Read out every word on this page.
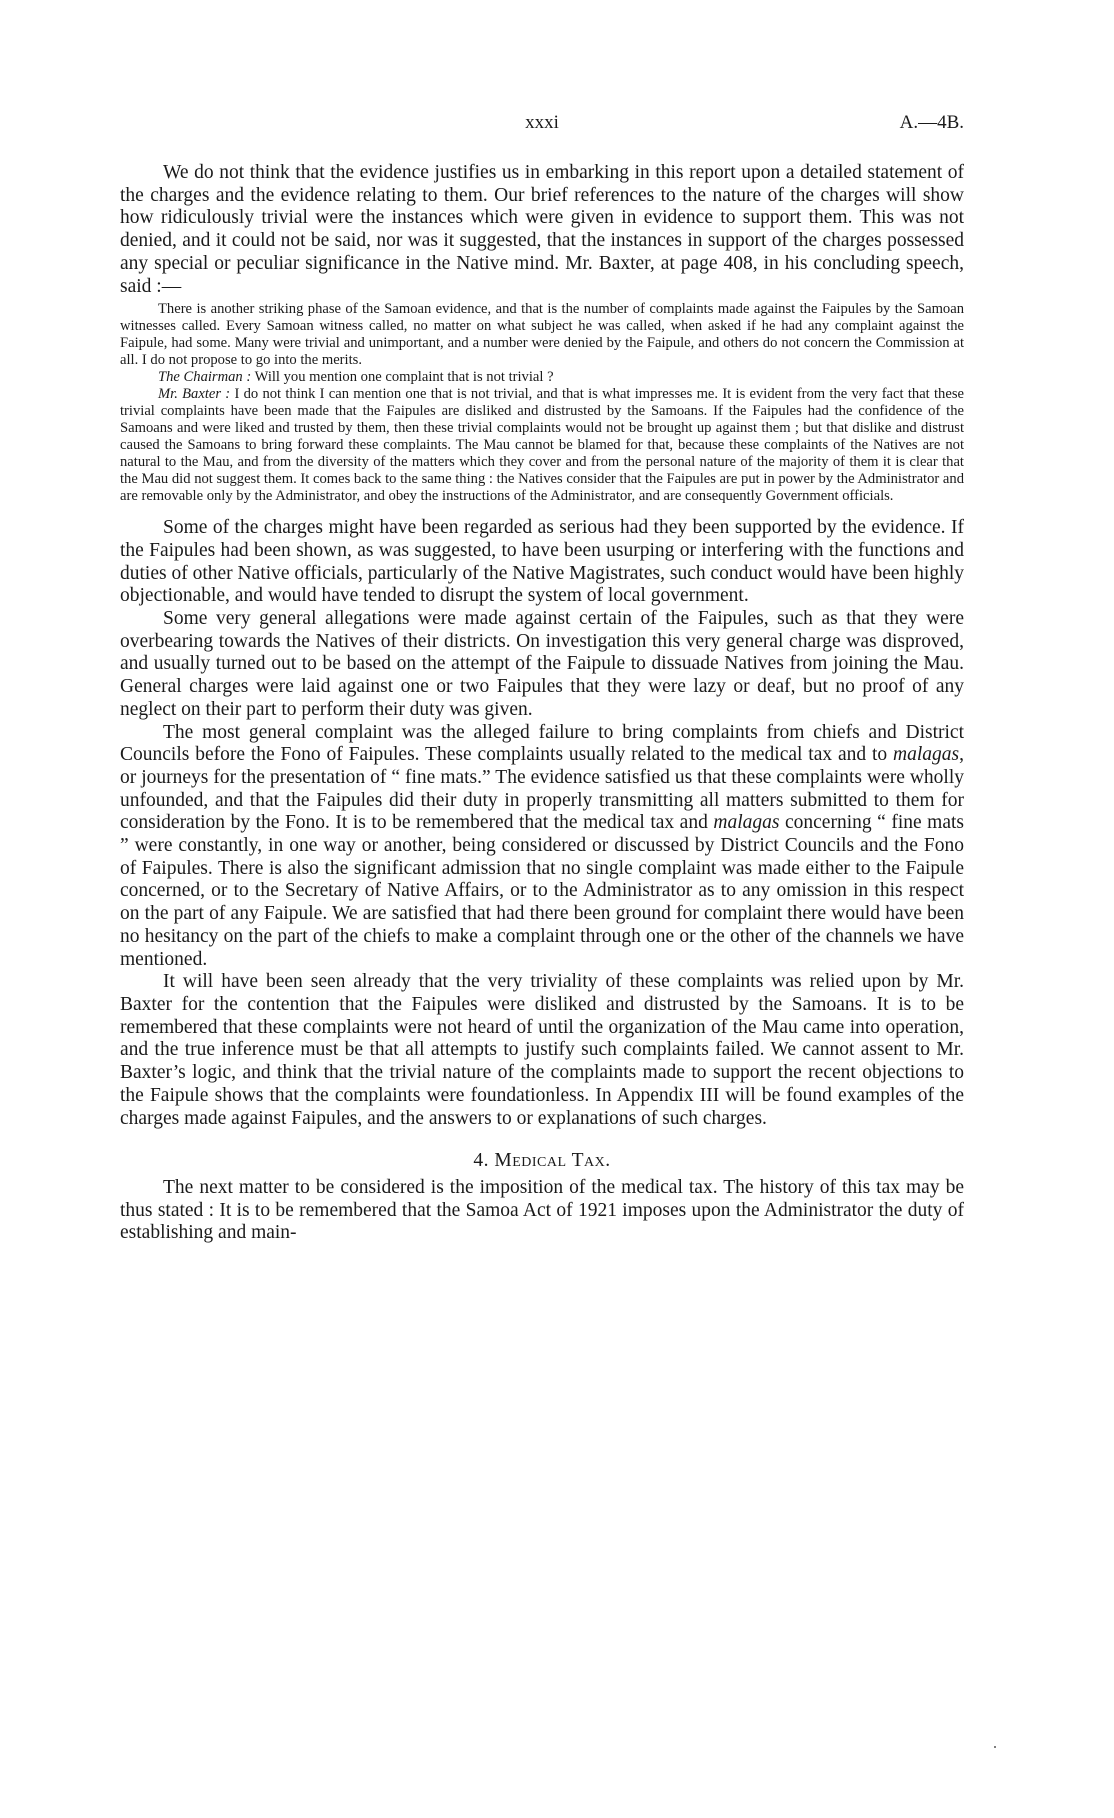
xxxi	A.—4B.

We do not think that the evidence justifies us in embarking in this report upon a detailed statement of the charges and the evidence relating to them. Our brief references to the nature of the charges will show how ridiculously trivial were the instances which were given in evidence to support them. This was not denied, and it could not be said, nor was it suggested, that the instances in support of the charges possessed any special or peculiar significance in the Native mind. Mr. Baxter, at page 408, in his concluding speech, said :—

There is another striking phase of the Samoan evidence, and that is the number of complaints made against the Faipules by the Samoan witnesses called. Every Samoan witness called, no matter on what subject he was called, when asked if he had any complaint against the Faipule, had some. Many were trivial and unimportant, and a number were denied by the Faipule, and others do not concern the Commission at all. I do not propose to go into the merits.

The Chairman : Will you mention one complaint that is not trivial ?

Mr. Baxter : I do not think I can mention one that is not trivial, and that is what impresses me. It is evident from the very fact that these trivial complaints have been made that the Faipules are disliked and distrusted by the Samoans. If the Faipules had the confidence of the Samoans and were liked and trusted by them, then these trivial complaints would not be brought up against them ; but that dislike and distrust caused the Samoans to bring forward these complaints. The Mau cannot be blamed for that, because these complaints of the Natives are not natural to the Mau, and from the diversity of the matters which they cover and from the personal nature of the majority of them it is clear that the Mau did not suggest them. It comes back to the same thing : the Natives consider that the Faipules are put in power by the Administrator and are removable only by the Administrator, and obey the instructions of the Administrator, and are consequently Government officials.

Some of the charges might have been regarded as serious had they been supported by the evidence. If the Faipules had been shown, as was suggested, to have been usurping or interfering with the functions and duties of other Native officials, particularly of the Native Magistrates, such conduct would have been highly objectionable, and would have tended to disrupt the system of local government.

Some very general allegations were made against certain of the Faipules, such as that they were overbearing towards the Natives of their districts. On investigation this very general charge was disproved, and usually turned out to be based on the attempt of the Faipule to dissuade Natives from joining the Mau. General charges were laid against one or two Faipules that they were lazy or deaf, but no proof of any neglect on their part to perform their duty was given.

The most general complaint was the alleged failure to bring complaints from chiefs and District Councils before the Fono of Faipules. These complaints usually related to the medical tax and to malagas, or journeys for the presentation of “ fine mats.” The evidence satisfied us that these complaints were wholly unfounded, and that the Faipules did their duty in properly transmitting all matters submitted to them for consideration by the Fono. It is to be remembered that the medical tax and malagas concerning “ fine mats ” were constantly, in one way or another, being considered or discussed by District Councils and the Fono of Faipules. There is also the significant admission that no single complaint was made either to the Faipule concerned, or to the Secretary of Native Affairs, or to the Administrator as to any omission in this respect on the part of any Faipule. We are satisfied that had there been ground for complaint there would have been no hesitancy on the part of the chiefs to make a complaint through one or the other of the channels we have mentioned.

It will have been seen already that the very triviality of these complaints was relied upon by Mr. Baxter for the contention that the Faipules were disliked and distrusted by the Samoans. It is to be remembered that these complaints were not heard of until the organization of the Mau came into operation, and the true inference must be that all attempts to justify such complaints failed. We cannot assent to Mr. Baxter’s logic, and think that the trivial nature of the complaints made to support the recent objections to the Faipule shows that the complaints were foundationless. In Appendix III will be found examples of the charges made against Faipules, and the answers to or explanations of such charges.

4. Medical Tax.

The next matter to be considered is the imposition of the medical tax. The history of this tax may be thus stated : It is to be remembered that the Samoa Act of 1921 imposes upon the Administrator the duty of establishing and main-
